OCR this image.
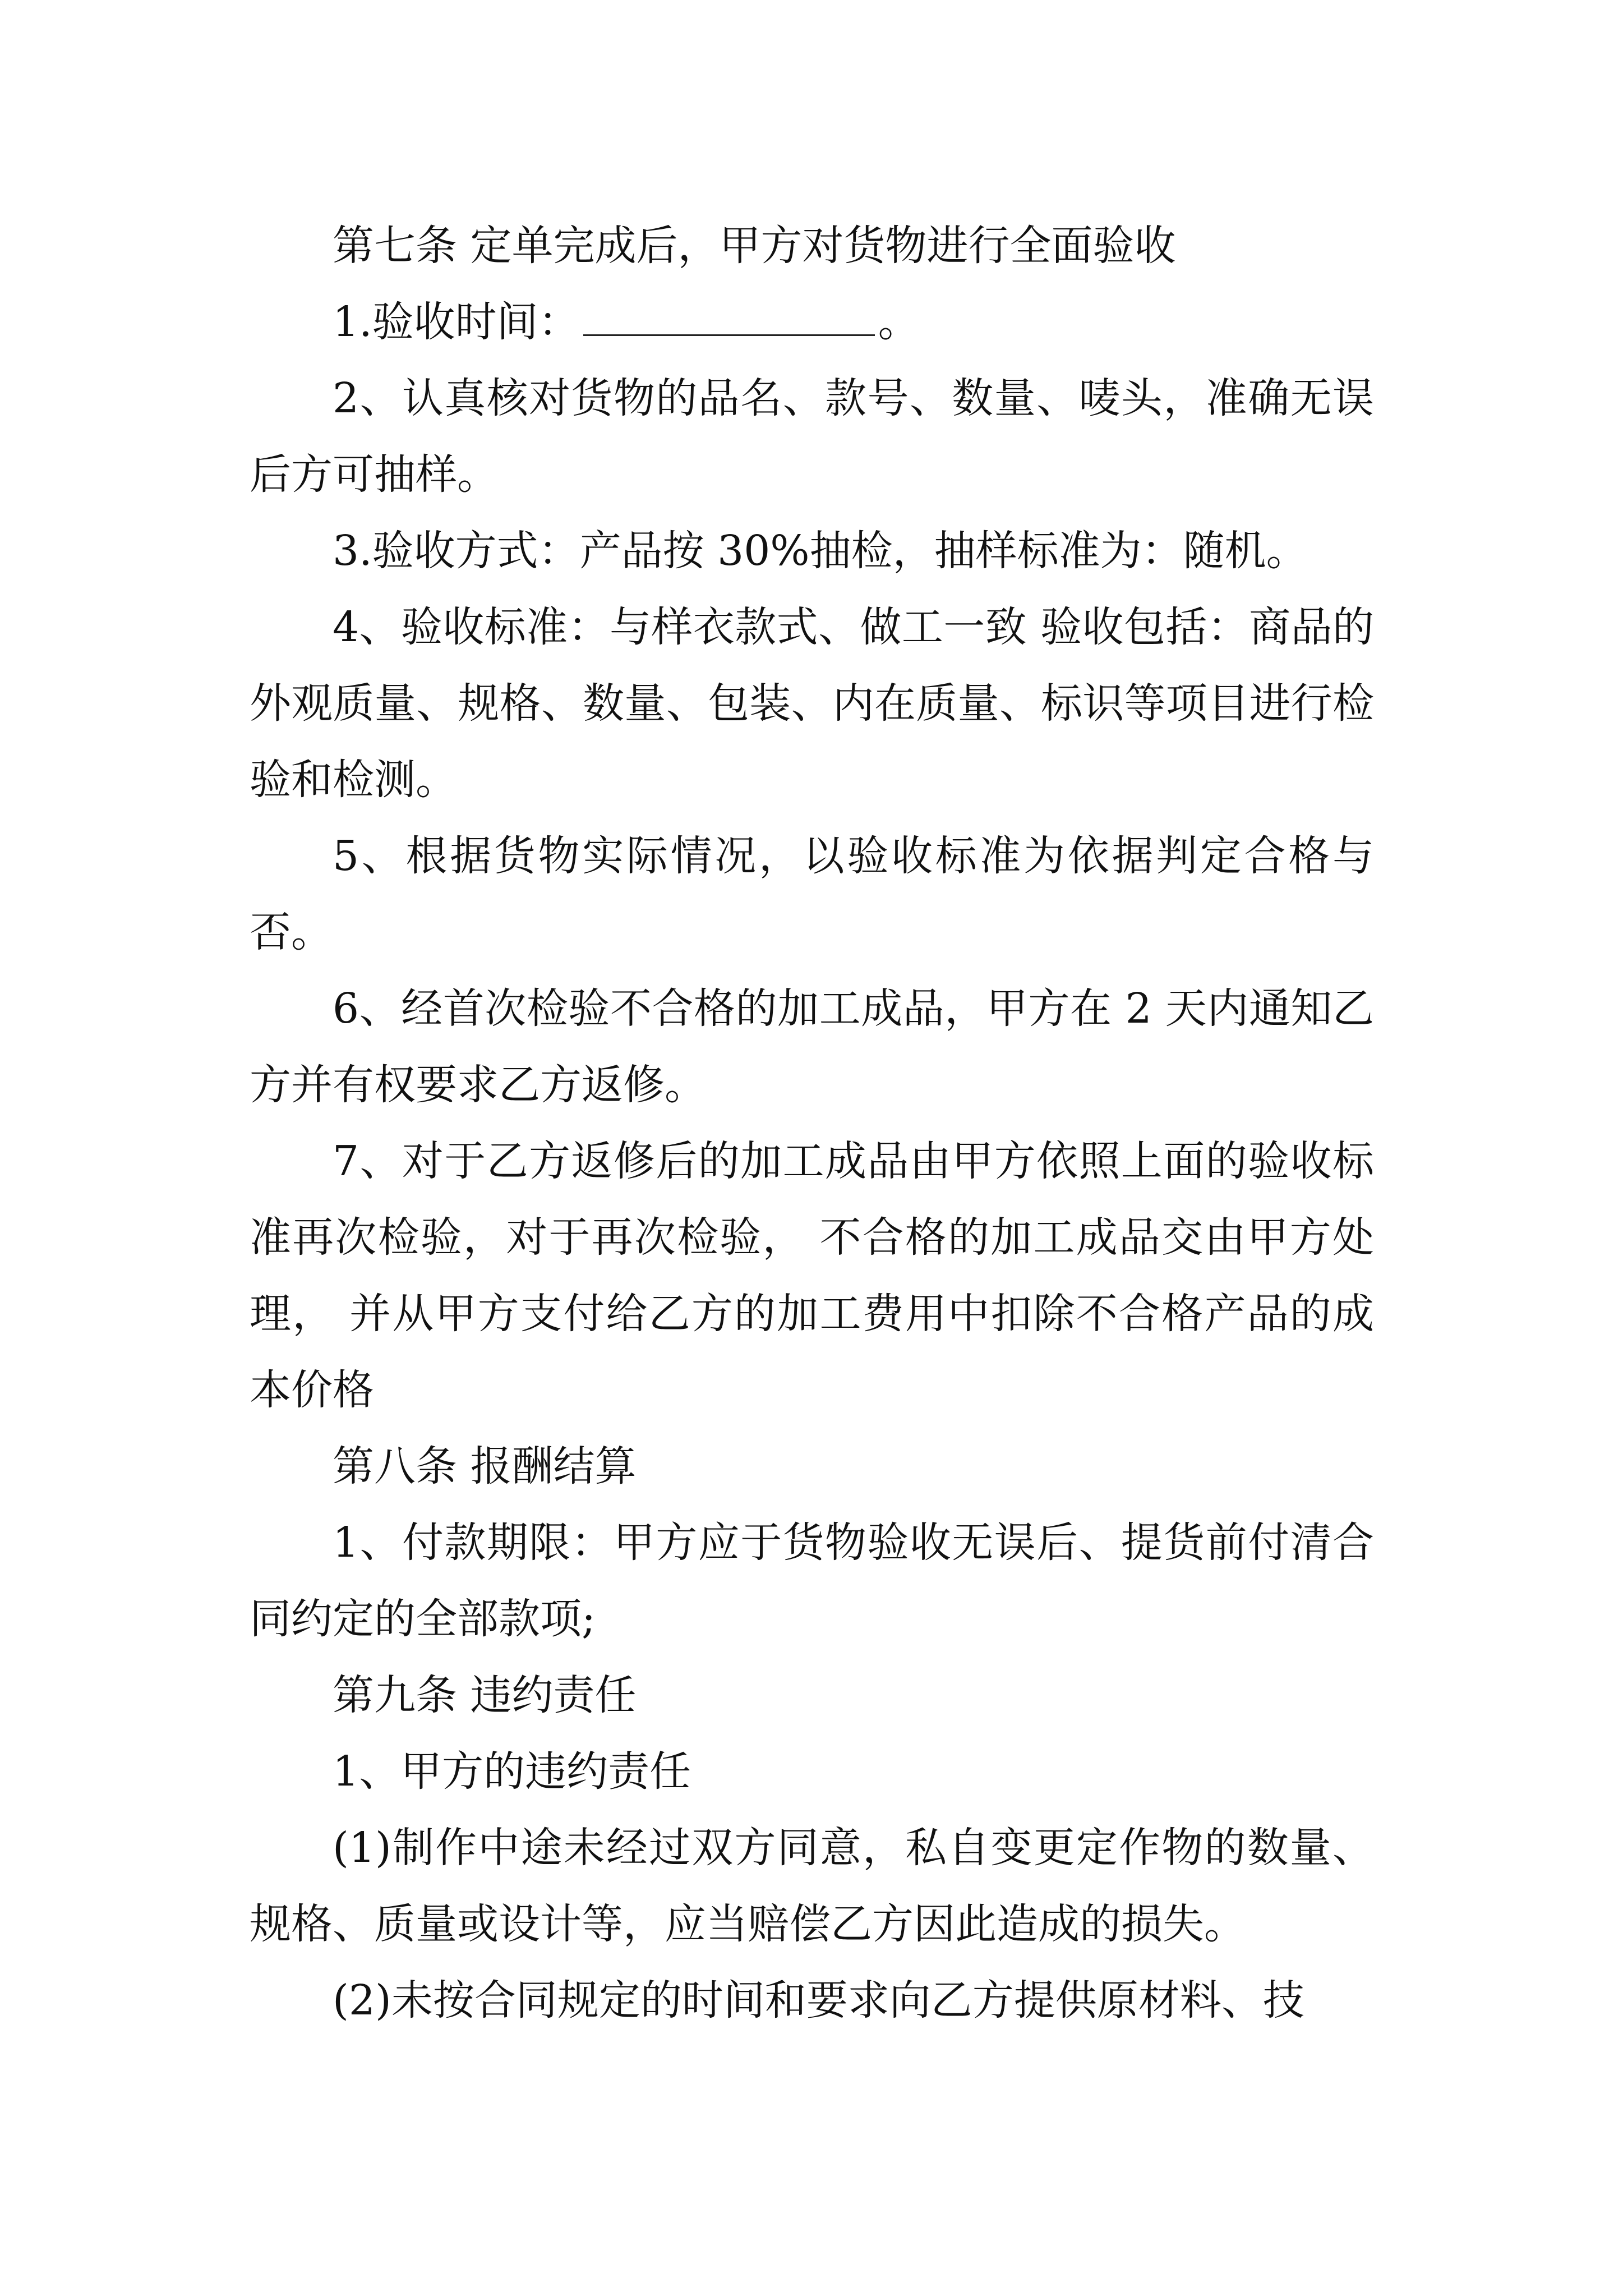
第七条 定单完成后，甲方对货物进行全面验收

1.验收时间：	。

2、认真核对货物的品名、款号、数量、唛头，准确无误后方可抽样。

3.验收方式：产品按 30%抽检，抽样标准为：随机。

4、验收标准：与样衣款式、做工一致 验收包括：商品的外观质量、规格、数量、包装、内在质量、标识等项目进行检验和检测。

5、根据货物实际情况，以验收标准为依据判定合格与否。

6、经首次检验不合格的加工成品，甲方在 2 天内通知乙方并有权要求乙方返修。

7、对于乙方返修后的加工成品由甲方依照上面的验收标准再次检验，对于再次检验， 不合格的加工成品交由甲方处理， 并从甲方支付给乙方的加工费用中扣除不合格产品的成本价格

第八条 报酬结算

1、付款期限：甲方应于货物验收无误后、提货前付清合同约定的全部款项;

第九条 违约责任

1、甲方的违约责任

(1)制作中途未经过双方同意，私自变更定作物的数量、规格、质量或设计等，应当赔偿乙方因此造成的损失。

(2)未按合同规定的时间和要求向乙方提供原材料、技
